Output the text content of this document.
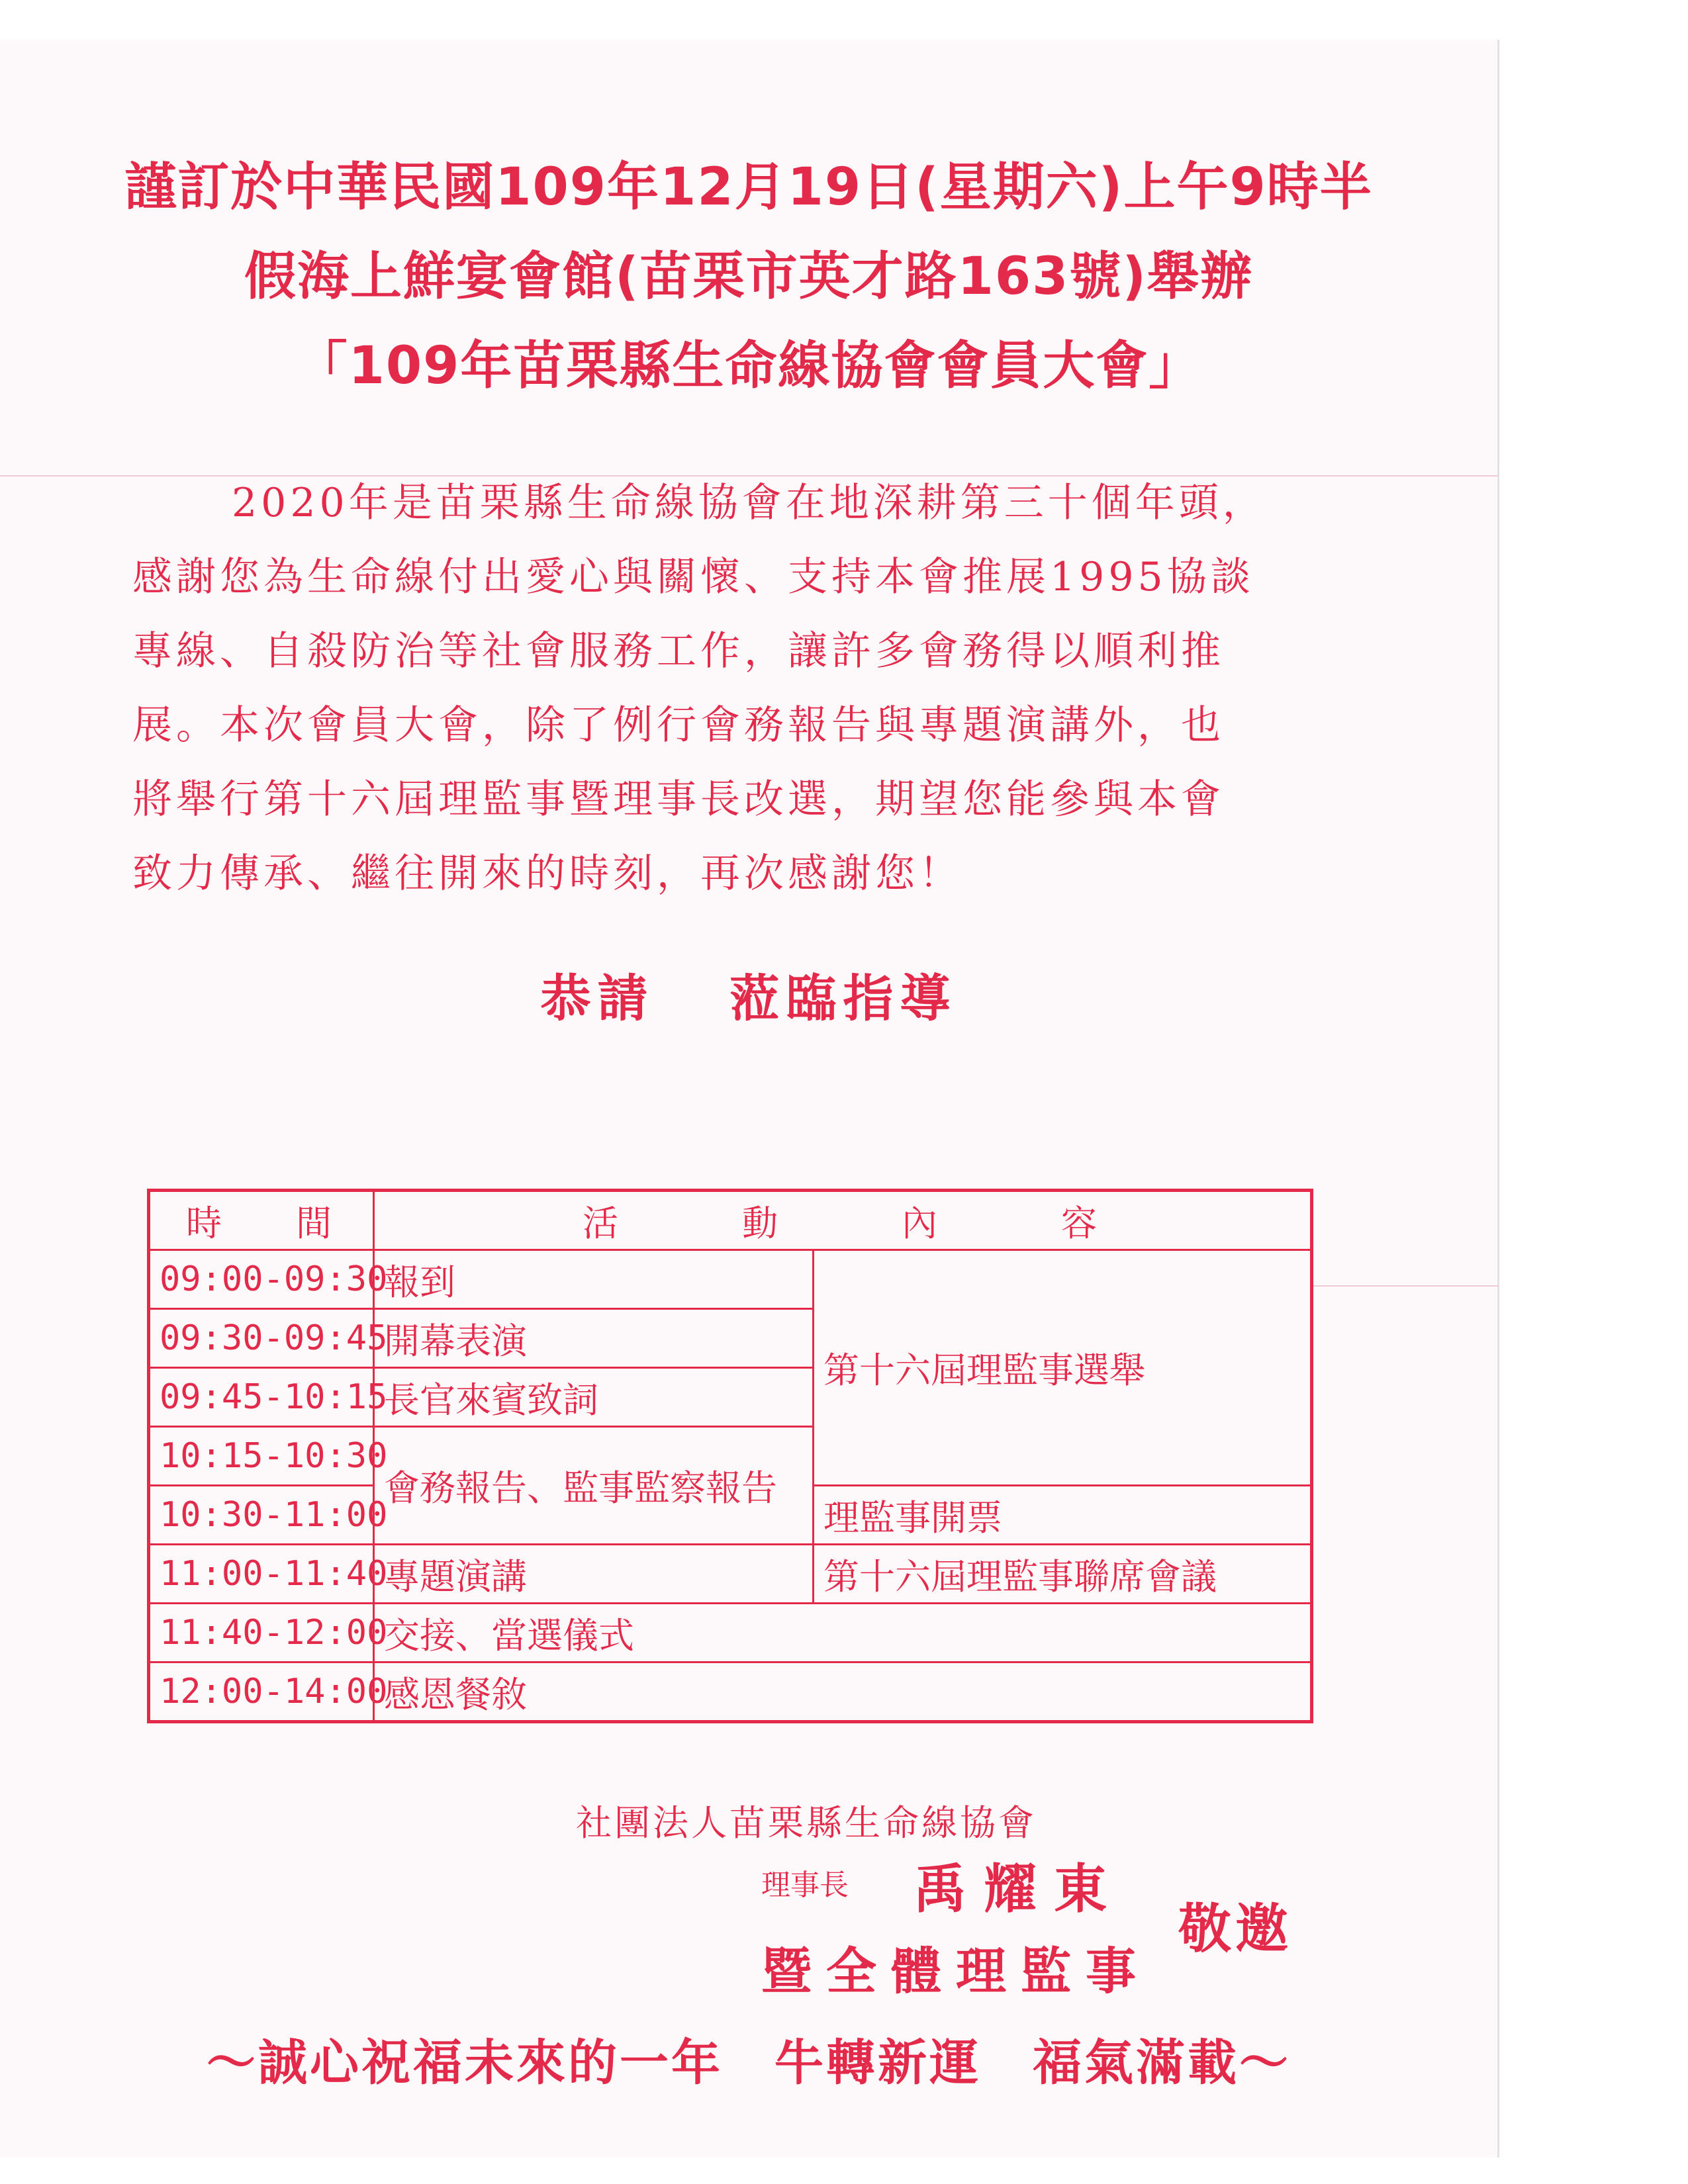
謹訂於中華民國109年12月19日(星期六)上午9時半
假海上鮮宴會館(苗栗市英才路163號)舉辦
「109年苗栗縣生命線協會會員大會」
2020年是苗栗縣生命線協會在地深耕第三十個年頭，
感謝您為生命線付出愛心與關懷、支持本會推展1995協談
專線、自殺防治等社會服務工作，讓許多會務得以順利推
展。本次會員大會，除了例行會務報告與專題演講外，也
將舉行第十六屆理監事暨理事長改選，期望您能參與本會
致力傳承、繼往開來的時刻，再次感謝您！
恭請 蒞臨指導
時 間	活 動 內 容	

09:00-09:30	報到	第十六屆理監事選舉
09:30-09:45	開幕表演	
09:45-10:15	長官來賓致詞	
10:15-10:30	會務報告、監事監察報告	
10:30-11:00		理監事開票
11:00-11:40	專題演講	第十六屆理監事聯席會議
11:40-12:00	交接、當選儀式	
12:00-14:00	感恩餐敘	
社團法人苗栗縣生命線協會
理事長 禹耀東
暨全體理監事
敬邀
～誠心祝福未來的一年　牛轉新運　福氣滿載～
